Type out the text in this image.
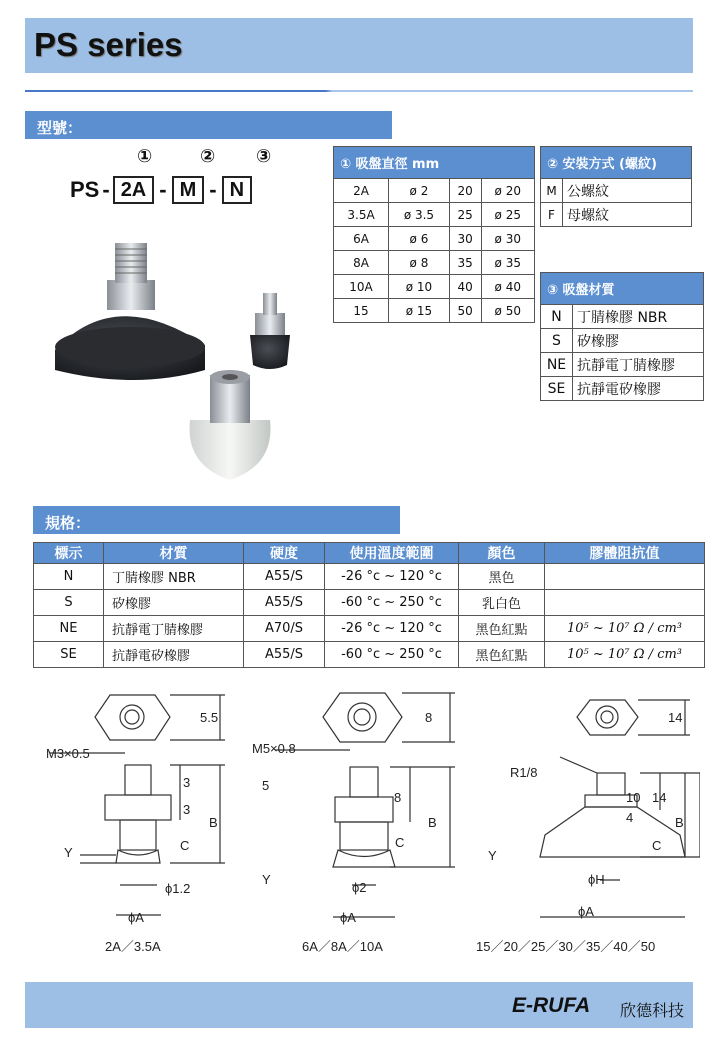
PS series
型號：
①	② ③
PS - 2A - M - N
① 吸盤直徑 mm			
2A	ø 2	20	ø 20
3.5A	ø 3.5	25	ø 25
6A	ø 6	30	ø 30
8A	ø 8	35	ø 35
10A	ø 10	40	ø 40
15	ø 15	50	ø 50
② 安裝方式 (螺紋)	
M	公螺紋
F	母螺紋
③ 吸盤材質	
N	丁腈橡膠 NBR
S	矽橡膠
NE	抗靜電丁腈橡膠
SE	抗靜電矽橡膠
規格：
標示	材質	硬度	使用溫度範圍	顏色	膠體阻抗值
N	丁腈橡膠 NBR	A55/S	-26 °c ~ 120 °c	黑色	
S	矽橡膠	A55/S	-60 °c ~ 250 °c	乳白色	
NE	抗靜電丁腈橡膠	A70/S	-26 °c ~ 120 °c	黑色紅點	10⁵ ~ 10⁷ Ω / cm³
SE	抗靜電矽橡膠	A55/S	-60 °c ~ 250 °c	黑色紅點	10⁵ ~ 10⁷ Ω / cm³
M3×0.5
5.5
3
3
B
C
Y
ϕ1.2
ϕA
2A／3.5A
M5×0.8
8
5
8
B
C
Y
ϕ2
ϕA
6A／8A／10A
R1/8
14
10
4
14
B
C
Y
ϕH
ϕA
15／20／25／30／35／40／50
E-RUFA 欣德科技
